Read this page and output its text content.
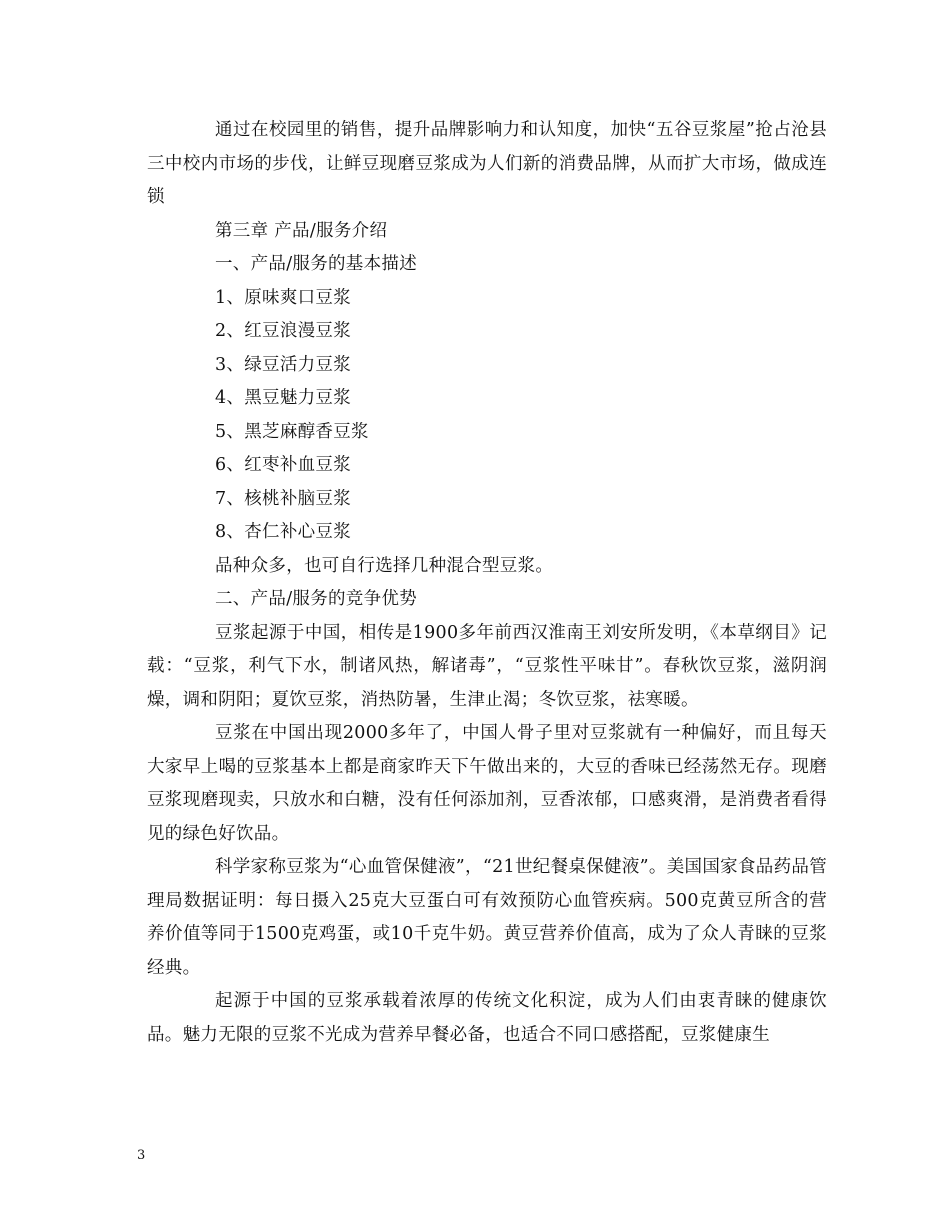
通过在校园里的销售，提升品牌影响力和认知度，加快“五谷豆浆屋”抢占沧县三中校内市场的步伐，让鲜豆现磨豆浆成为人们新的消费品牌，从而扩大市场，做成连锁

第三章 产品/服务介绍

一、产品/服务的基本描述

1、原味爽口豆浆

2、红豆浪漫豆浆

3、绿豆活力豆浆

4、黑豆魅力豆浆

5、黑芝麻醇香豆浆

6、红枣补血豆浆

7、核桃补脑豆浆

8、杏仁补心豆浆

品种众多，也可自行选择几种混合型豆浆。

二、产品/服务的竞争优势

豆浆起源于中国，相传是1900多年前西汉淮南王刘安所发明，《本草纲目》记载：“豆浆，利气下水，制诸风热，解诸毒”，“豆浆性平味甘”。春秋饮豆浆，滋阴润燥，调和阴阳；夏饮豆浆，消热防暑，生津止渴；冬饮豆浆，祛寒暖。

豆浆在中国出现2000多年了，中国人骨子里对豆浆就有一种偏好，而且每天大家早上喝的豆浆基本上都是商家昨天下午做出来的，大豆的香味已经荡然无存。现磨豆浆现磨现卖，只放水和白糖，没有任何添加剂，豆香浓郁，口感爽滑，是消费者看得见的绿色好饮品。

科学家称豆浆为“心血管保健液”，“21世纪餐桌保健液”。美国国家食品药品管理局数据证明：每日摄入25克大豆蛋白可有效预防心血管疾病。500克黄豆所含的营养价值等同于1500克鸡蛋，或10千克牛奶。黄豆营养价值高，成为了众人青睐的豆浆经典。

起源于中国的豆浆承载着浓厚的传统文化积淀，成为人们由衷青睐的健康饮品。魅力无限的豆浆不光成为营养早餐必备，也适合不同口感搭配，豆浆健康生

3
